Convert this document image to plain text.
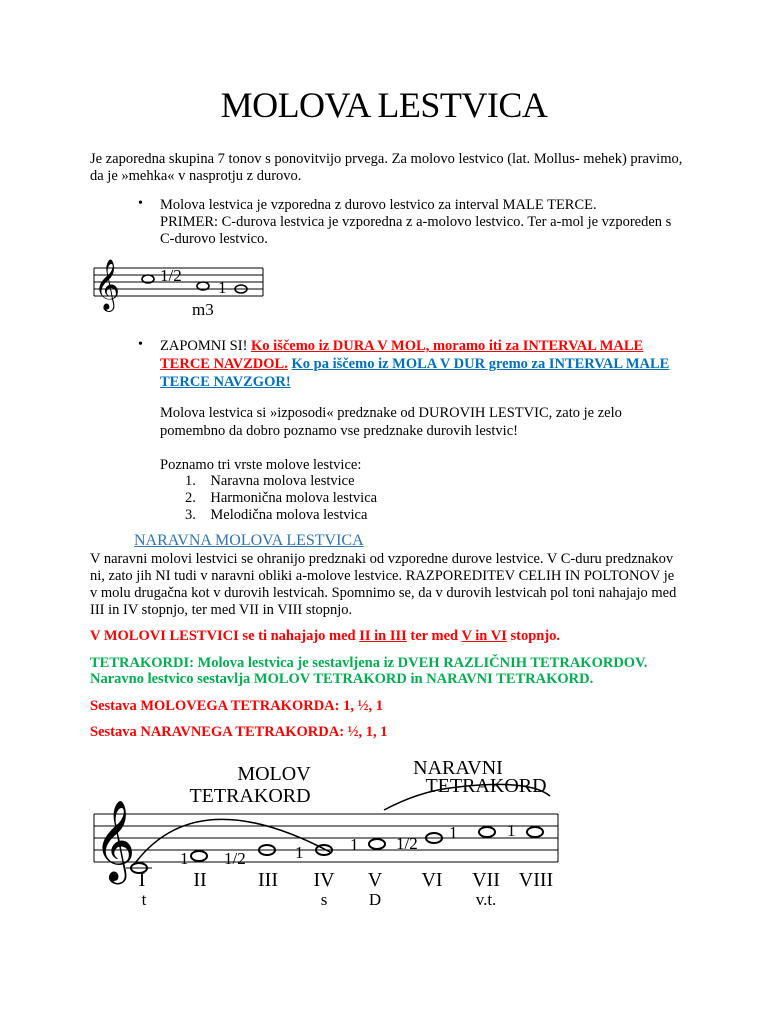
MOLOVA LESTVICA
Je zaporedna skupina 7 tonov s ponovitvijo prvega. Za molovo lestvico (lat. Mollus- mehek) pravimo,
da je »mehka« v nasprotju z durovo.
• Molova lestvica je vzporedna z durovo lestvico za interval MALE TERCE.
PRIMER: C-durova lestvica je vzporedna z a-molovo lestvico. Ter a-mol je vzporeden s
C-durovo lestvico.
𝄞 1/2
1
m3
• ZAPOMNI SI! Ko iščemo iz DURA V MOL, moramo iti za INTERVAL MALE
TERCE NAVZDOL. Ko pa iščemo iz MOLA V DUR gremo za INTERVAL MALE
TERCE NAVZGOR!
Molova lestvica si »izposodi« predznake od DUROVIH LESTVIC, zato je zelo
pomembno da dobro poznamo vse predznake durovih lestvic!
Poznamo tri vrste molove lestvice:
1.    Naravna molova lestvice
2.    Harmonična molova lestvica
3.    Melodična molova lestvica
NARAVNA MOLOVA LESTVICA
V naravni molovi lestvici se ohranijo predznaki od vzporedne durove lestvice. V C-duru predznakov
ni, zato jih NI tudi v naravni obliki a-molove lestvice. RAZPOREDITEV CELIH IN POLTONOV je
v molu drugačna kot v durovih lestvicah. Spomnimo se, da v durovih lestvicah pol toni nahajajo med
III in IV stopnjo, ter med VII in VIII stopnjo.
V MOLOVI LESTVICI se ti nahajajo med II in III ter med V in VI stopnjo.
TETRAKORDI: Molova lestvica je sestavljena iz DVEH RAZLIČNIH TETRAKORDOV.
Naravno lestvico sestavlja MOLOV TETRAKORD in NARAVNI TETRAKORD.
Sestava MOLOVEGA TETRAKORDA: 1, ½, 1
Sestava NARAVNEGA TETRAKORDA: ½, 1, 1
𝄞
MOLOV
TETRAKORD
NARAVNI
TETRAKORD
1 1/2	1	1 1/2
1	1
I II	III IV V VI VII VIII
t	s D	v.t.
